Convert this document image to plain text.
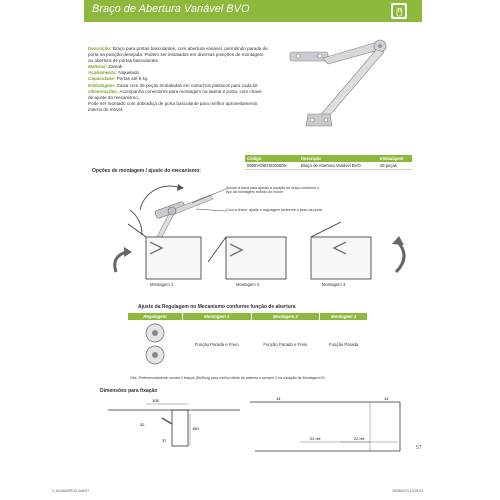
Braço de Abertura Variável BVO

Descrição: Braço para portas basculantes, com abertura variável, permitindo parada de porta na posição desejada. Podem ser instalados em diversas posições de montagem ou abertura de portas basculantes.

Material: Zamak

Acabamento: Niquelado

Capacidade: Portas até 6 kg

Embalagem: Caixa com 25 peças embaladas em cartuchos plásticos para cada kit

Observações: Acompanha conectores para montagem na lateral e porta, com chave de ajuste do mecanismo.

Pode ser montado com dobradiça de porta basculante para melhor aproveitamento interno do móvel.

Código	Descrição	Embalagem
5908VOBOSD0000N	Braço de Abertura Variável BVO	25 peças
Opções de montagem / ajuste do mecanismo:
Acione a trava para ajustar a posição de braço conforme o tipo da montagem exibido do móvel
Com a chave, ajuste a regulagem conforme o peso da porta
Montagem 1	Montagem 2	Montagem 3
Ajuste da Regulagem no Mecanismo conforme função de abertura
Regulagem	Montagem 1	Montagem 2	Montagem 3
	Função Parada e Freio	Função Parada e Freio	Função Parada
Obs. Preferencialmente montar 2 braços (Dir/Esq) para melhor efeito de sistema e sempre 2 na situação de Montagem 03
Dimensões para fixação
105
32
37
150
14	14
22 ref.	22 ref.
57
0_U01500PRGS.indd 57	19/06/2021 13:29:01
